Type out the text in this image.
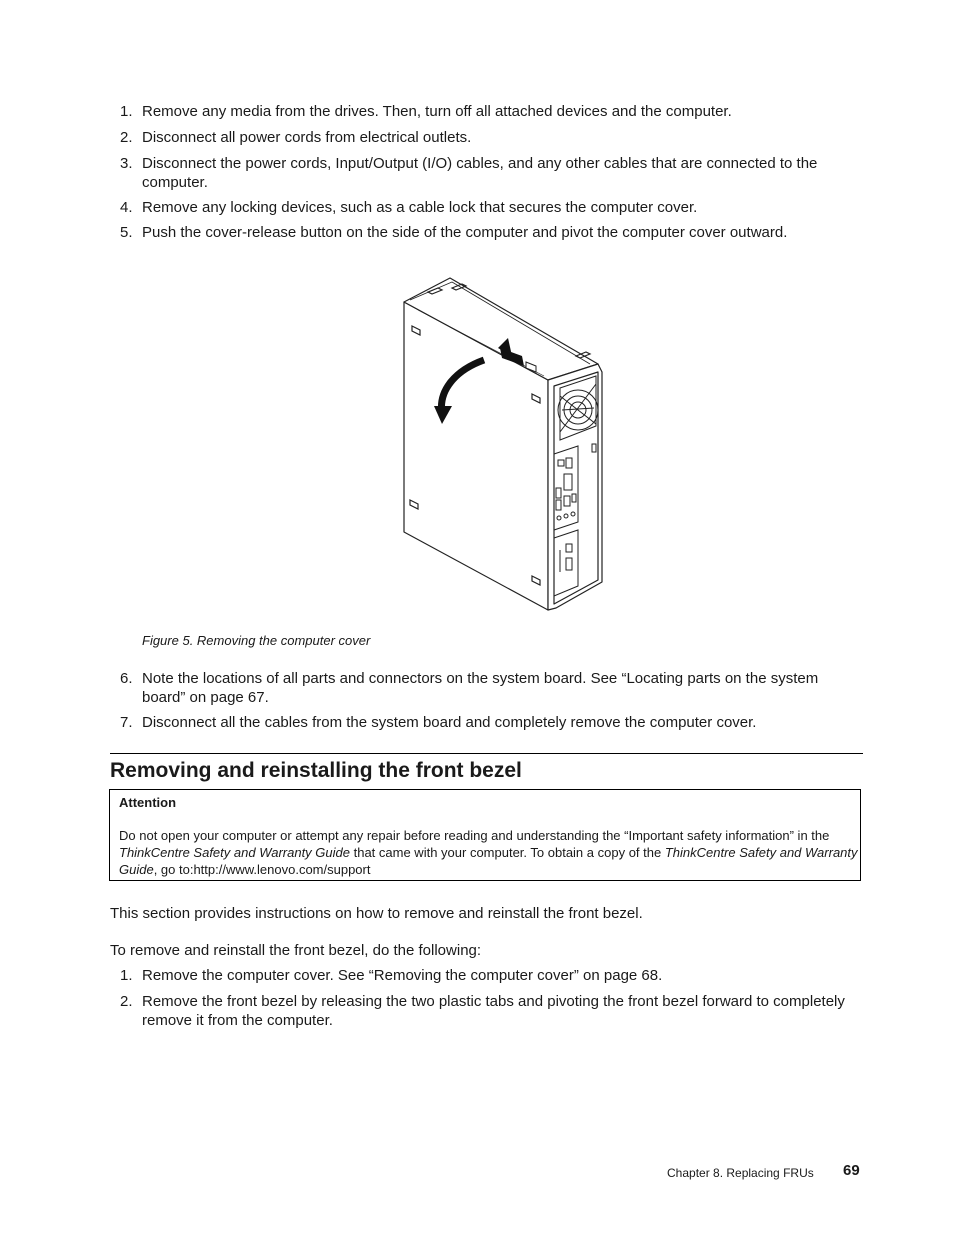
1. Remove any media from the drives. Then, turn off all attached devices and the computer.
2. Disconnect all power cords from electrical outlets.
3. Disconnect the power cords, Input/Output (I/O) cables, and any other cables that are connected to the computer.
4. Remove any locking devices, such as a cable lock that secures the computer cover.
5. Push the cover-release button on the side of the computer and pivot the computer cover outward.
Figure 5. Removing the computer cover
6. Note the locations of all parts and connectors on the system board. See “Locating parts on the system board” on page 67.
7. Disconnect all the cables from the system board and completely remove the computer cover.
Removing and reinstalling the front bezel
Attention
Do not open your computer or attempt any repair before reading and understanding the “Important safety information” in the ThinkCentre Safety and Warranty Guide that came with your computer. To obtain a copy of the ThinkCentre Safety and Warranty Guide, go to:http://www.lenovo.com/support
This section provides instructions on how to remove and reinstall the front bezel.
To remove and reinstall the front bezel, do the following:
1. Remove the computer cover. See “Removing the computer cover” on page 68.
2. Remove the front bezel by releasing the two plastic tabs and pivoting the front bezel forward to completely remove it from the computer.
Chapter 8. Replacing FRUs 69
